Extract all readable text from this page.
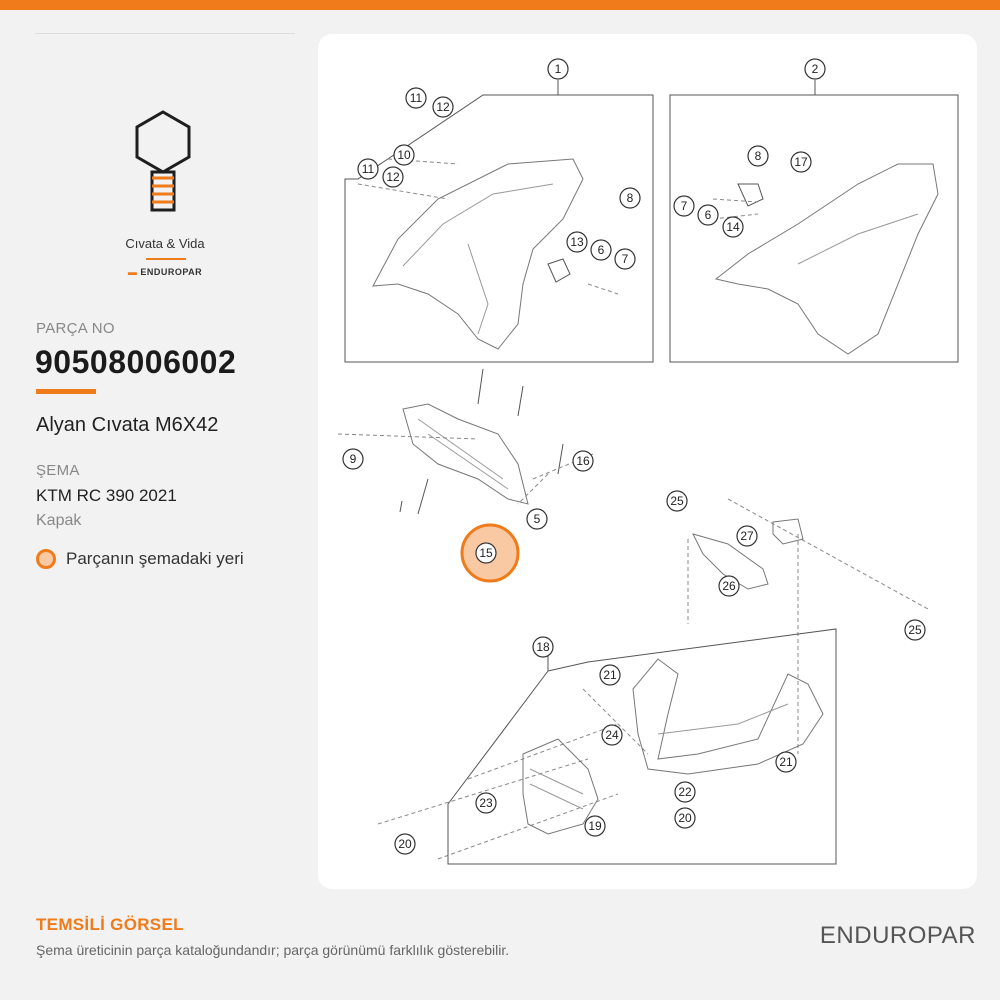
Cıvata & Vida
▬ ENDUROPAR
PARÇA NO
90508006002
Alyan Cıvata M6X42
ŞEMA
KTM RC 390 2021
Kapak
Parçanın şemadaki yeri
1	2
11
12
10
11
12
8
13
6
7
8	17
7
6
14
9	16
5
15
25
27
26
25
18
21
24
21
22
20
23
19
20
TEMSİLİ GÖRSEL
Şema üreticinin parça kataloğundandır; parça görünümü farklılık gösterebilir.
ENDUROPAR
